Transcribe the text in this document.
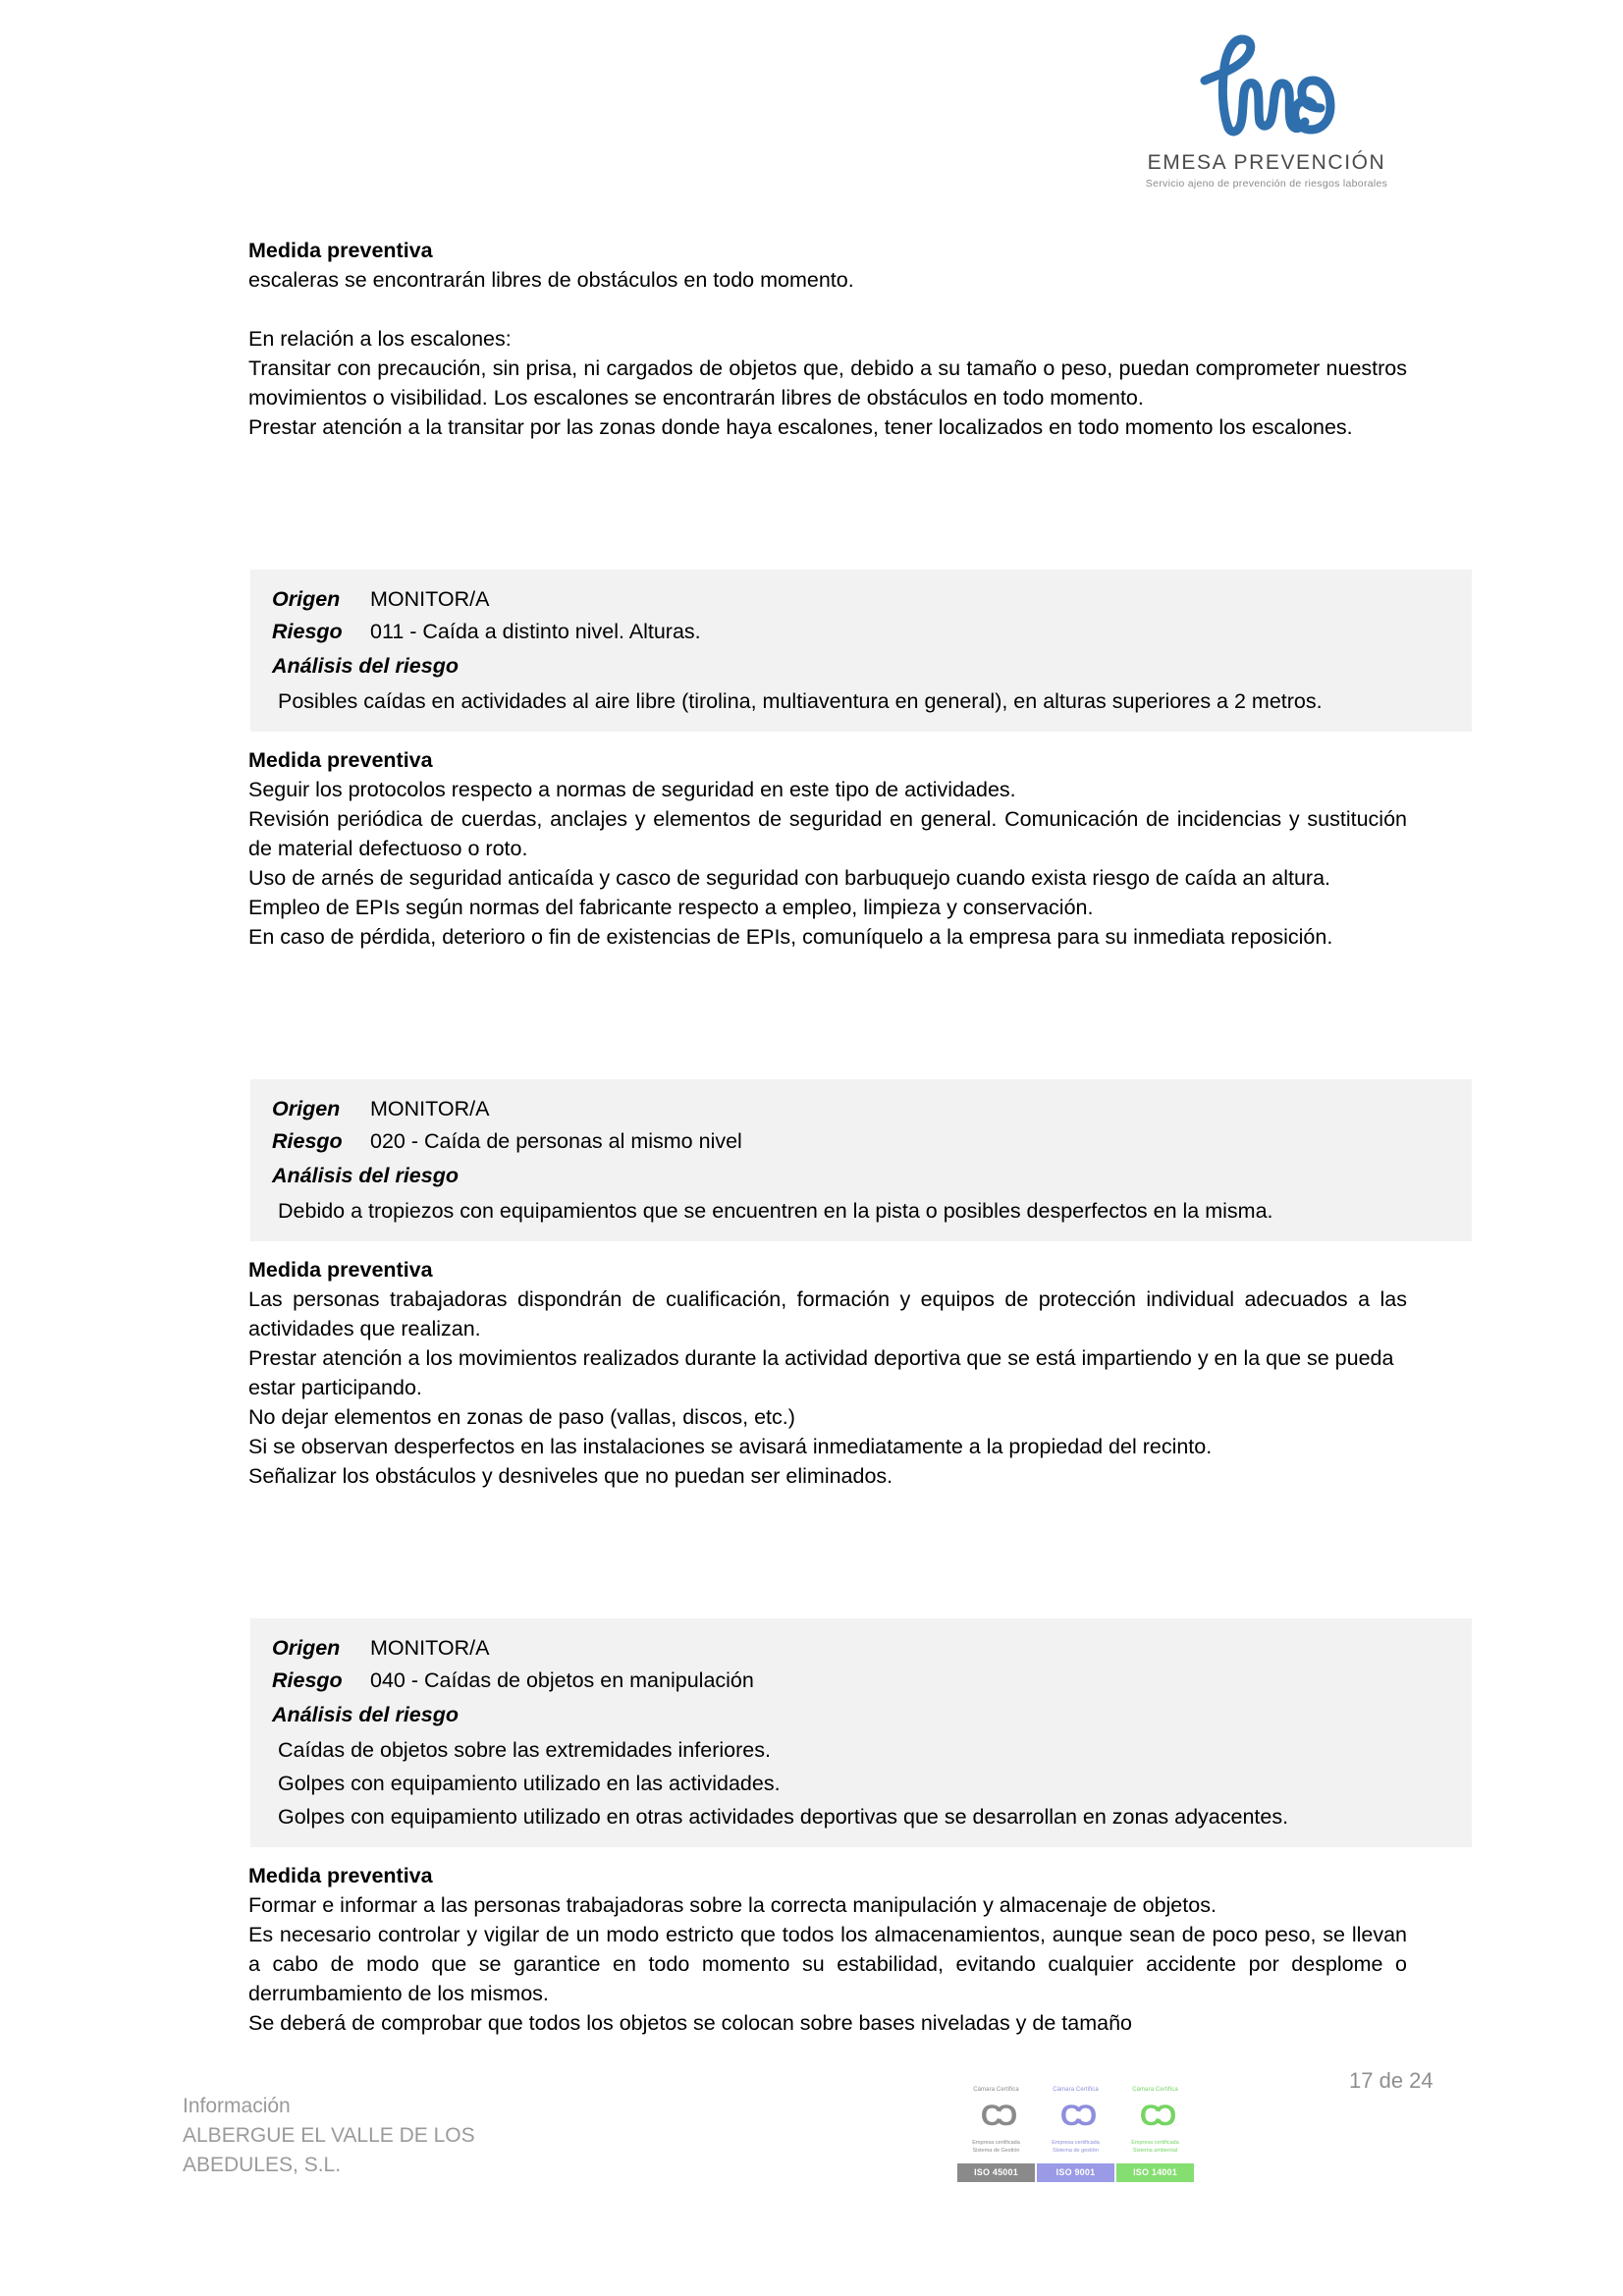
EMESA PREVENCIÓN
Servicio ajeno de prevención de riesgos laborales

Medida preventiva

escaleras se encontrarán libres de obstáculos en todo momento.

En relación a los escalones:

Transitar con precaución, sin prisa, ni cargados de objetos que, debido a su tamaño o peso, puedan comprometer nuestros movimientos o visibilidad. Los escalones se encontrarán libres de obstáculos en todo momento.

Prestar atención a la transitar por las zonas donde haya escalones, tener localizados en todo momento los escalones.

Origen	MONITOR/A
Riesgo	011 - Caída a distinto nivel. Alturas.
Análisis del riesgo

Posibles caídas en actividades al aire libre (tirolina, multiaventura en general), en alturas superiores a 2 metros.

Medida preventiva

Seguir los protocolos respecto a normas de seguridad en este tipo de actividades.

Revisión periódica de cuerdas, anclajes y elementos de seguridad en general. Comunicación de incidencias y sustitución de material defectuoso o roto.

Uso de arnés de seguridad anticaída y casco de seguridad con barbuquejo cuando exista riesgo de caída an altura.

Empleo de EPIs según normas del fabricante respecto a empleo, limpieza y conservación.

En caso de pérdida, deterioro o fin de existencias de EPIs, comuníquelo a la empresa para su inmediata reposición.

Origen	MONITOR/A
Riesgo	020 - Caída de personas al mismo nivel
Análisis del riesgo

Debido a tropiezos con equipamientos que se encuentren en la pista o posibles desperfectos en la misma.

Medida preventiva

Las personas trabajadoras dispondrán de cualificación, formación y equipos de protección individual adecuados a las actividades que realizan.

Prestar atención a los movimientos realizados durante la actividad deportiva que se está impartiendo y en la que se pueda estar participando.

No dejar elementos en zonas de paso (vallas, discos, etc.)

Si se observan desperfectos en las instalaciones se avisará inmediatamente a la propiedad del recinto.

Señalizar los obstáculos y desniveles que no puedan ser eliminados.

Origen	MONITOR/A
Riesgo	040 - Caídas de objetos en manipulación
Análisis del riesgo

Caídas de objetos sobre las extremidades inferiores.

Golpes con equipamiento utilizado en las actividades.

Golpes con equipamiento utilizado en otras actividades deportivas que se desarrollan en zonas adyacentes.

Medida preventiva

Formar e informar a las personas trabajadoras sobre la correcta manipulación y almacenaje de objetos.

Es necesario controlar y vigilar de un modo estricto que todos los almacenamientos, aunque sean de poco peso, se llevan a cabo de modo que se garantice en todo momento su estabilidad, evitando cualquier accidente por desplome o derrumbamiento de los mismos.

Se deberá de comprobar que todos los objetos se colocan sobre bases niveladas y de tamaño

Información
ALBERGUE EL VALLE DE LOS
ABEDULES, S.L.
Cámara Certifica
CƆ
Empresa certificada
Sistema de Gestión
ISO 45001
Cámara Certifica
CƆ
Empresa certificada
Sistema de gestión
ISO 9001
Cámara Certifica
CƆ
Empresa certificada
Sistema ambiental
ISO 14001
17 de 24
